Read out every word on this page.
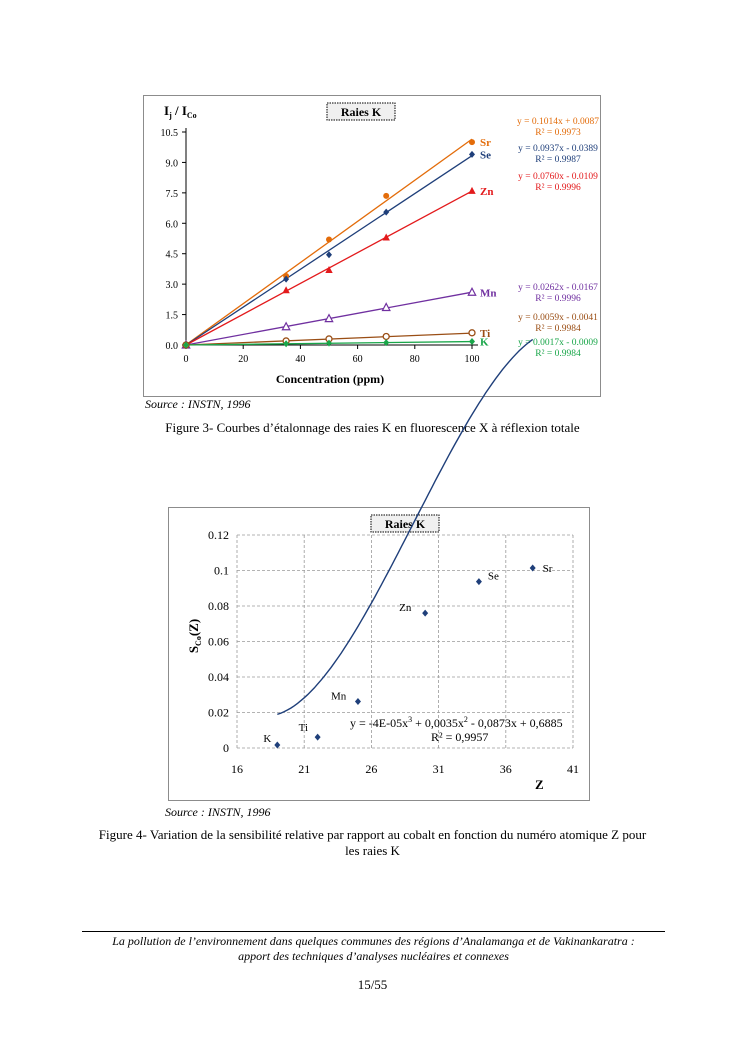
Raies K
$I_j / I_{Co}$
Concentration (ppm)
0.0
1.5
3.0
4.5
6.0
7.5
9.0
10.5
0	20	40	60	80	100
Sr
Se
Zn
Mn
Ti
K
y = 0.1014x + 0.0087
R² = 0.9973
y = 0.0937x - 0.0389
R² = 0.9987
y = 0.0760x - 0.0109
R² = 0.9996
y = 0.0262x - 0.0167
R² = 0.9996
y = 0.0059x - 0.0041
R² = 0.9984
y = 0.0017x - 0.0009
R² = 0.9984
Source : INSTN, 1996
Figure 3- Courbes d’étalonnage des raies K en fluorescence X à réflexion totale
0
0.02
0.04
0.06
0.08
0.1
0.12
16	21	26	31	36	41
Raies K
Z
$S_{Co}(Z)$
K
Ti
Mn
Zn
Se
Sr
$y = -4E-05x^3 + 0,0035x^2 - 0,0873x + 0,6885$
R² = 0,9957
Source : INSTN, 1996
Figure 4- Variation de la sensibilité relative par rapport au cobalt en fonction du numéro atomique Z pour
les raies K
La pollution de l’environnement dans quelques communes des régions d’Analamanga et de Vakinankaratra :
apport des techniques d’analyses nucléaires et connexes
15/55
